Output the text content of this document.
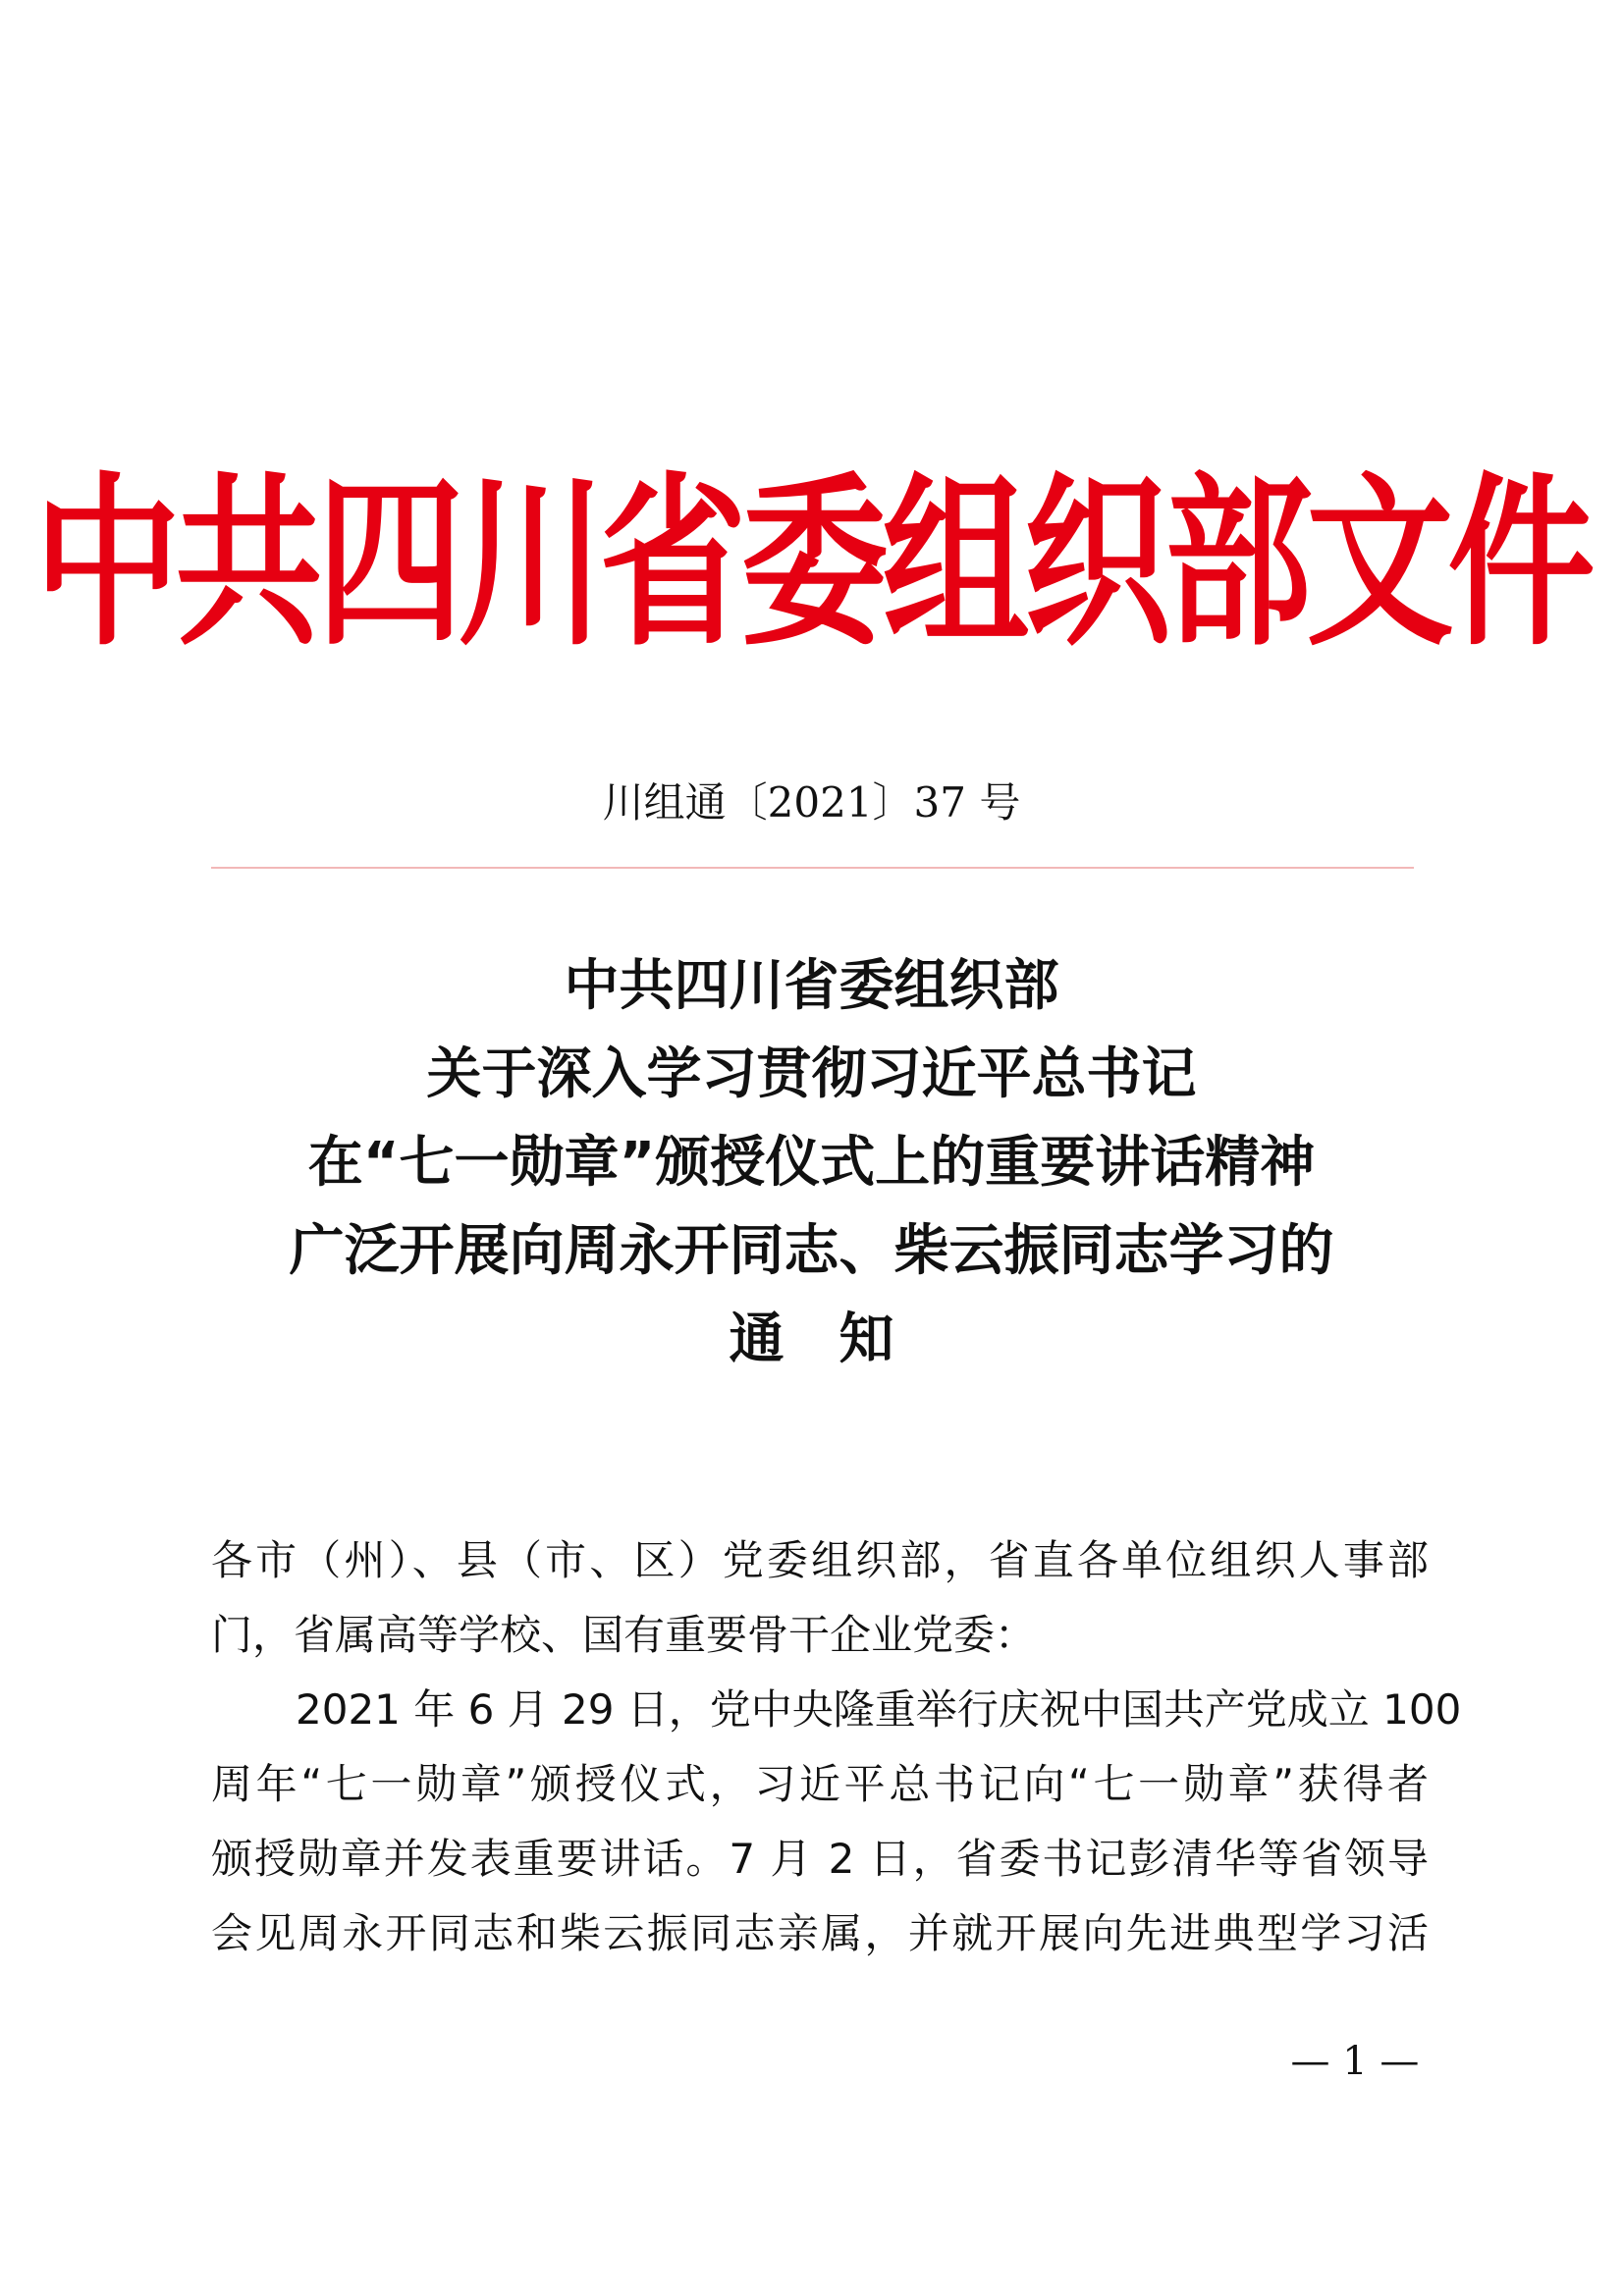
中共四川省委组织部文件
川组通〔2021〕37 号
中共四川省委组织部
关于深入学习贯彻习近平总书记
在“七一勋章”颁授仪式上的重要讲话精神
广泛开展向周永开同志、柴云振同志学习的
通知
各市（州）、县（市、区）党委组织部，省直各单位组织人事部
门，省属高等学校、国有重要骨干企业党委：
2021 年 6 月 29 日，党中央隆重举行庆祝中国共产党成立 100
周年“七一勋章”颁授仪式，习近平总书记向“七一勋章”获得者
颁授勋章并发表重要讲话。7 月 2 日，省委书记彭清华等省领导
会见周永开同志和柴云振同志亲属，并就开展向先进典型学习活
— 1 —
